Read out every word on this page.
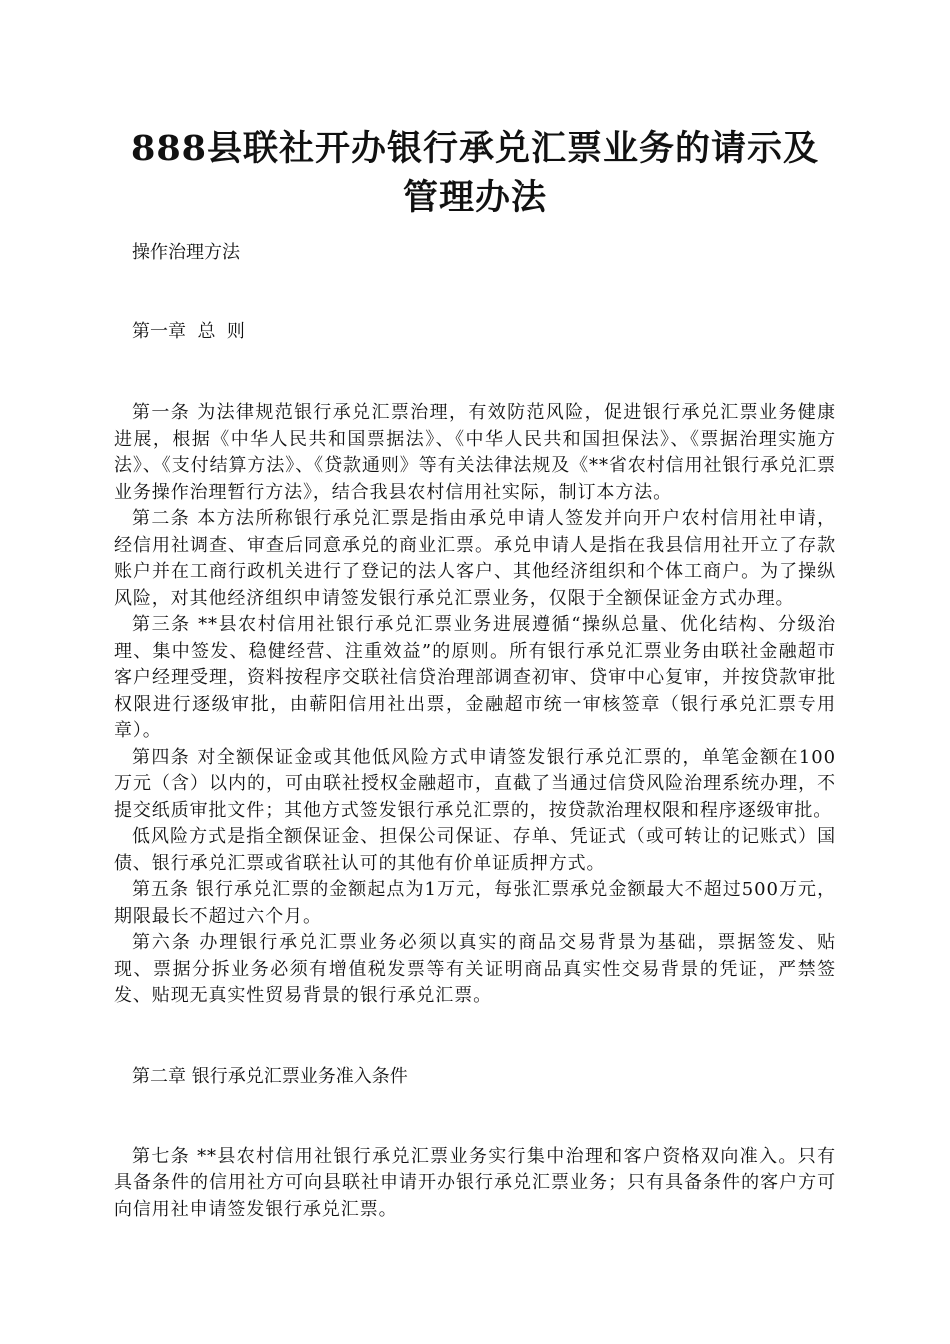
888县联社开办银行承兑汇票业务的请示及管理办法
操作治理方法
第一章  总  则

第一条 为法律规范银行承兑汇票治理，有效防范风险，促进银行承兑汇票业务健康进展，根据《中华人民共和国票据法》、《中华人民共和国担保法》、《票据治理实施方法》、《支付结算方法》、《贷款通则》等有关法律法规及《**省农村信用社银行承兑汇票业务操作治理暂行方法》，结合我县农村信用社实际，制订本方法。

第二条 本方法所称银行承兑汇票是指由承兑申请人签发并向开户农村信用社申请，经信用社调查、审查后同意承兑的商业汇票。承兑申请人是指在我县信用社开立了存款账户并在工商行政机关进行了登记的法人客户、其他经济组织和个体工商户。为了操纵风险，对其他经济组织申请签发银行承兑汇票业务，仅限于全额保证金方式办理。

第三条 **县农村信用社银行承兑汇票业务进展遵循“操纵总量、优化结构、分级治理、集中签发、稳健经营、注重效益”的原则。所有银行承兑汇票业务由联社金融超市客户经理受理，资料按程序交联社信贷治理部调查初审、贷审中心复审，并按贷款审批权限进行逐级审批，由蕲阳信用社出票，金融超市统一审核签章（银行承兑汇票专用章）。

第四条 对全额保证金或其他低风险方式申请签发银行承兑汇票的，单笔金额在100万元（含）以内的，可由联社授权金融超市，直截了当通过信贷风险治理系统办理，不提交纸质审批文件；其他方式签发银行承兑汇票的，按贷款治理权限和程序逐级审批。

低风险方式是指全额保证金、担保公司保证、存单、凭证式（或可转让的记账式）国债、银行承兑汇票或省联社认可的其他有价单证质押方式。

第五条 银行承兑汇票的金额起点为1万元，每张汇票承兑金额最大不超过500万元，期限最长不超过六个月。

第六条 办理银行承兑汇票业务必须以真实的商品交易背景为基础，票据签发、贴现、票据分拆业务必须有增值税发票等有关证明商品真实性交易背景的凭证，严禁签发、贴现无真实性贸易背景的银行承兑汇票。

第二章 银行承兑汇票业务准入条件

第七条 **县农村信用社银行承兑汇票业务实行集中治理和客户资格双向准入。只有具备条件的信用社方可向县联社申请开办银行承兑汇票业务；只有具备条件的客户方可向信用社申请签发银行承兑汇票。
